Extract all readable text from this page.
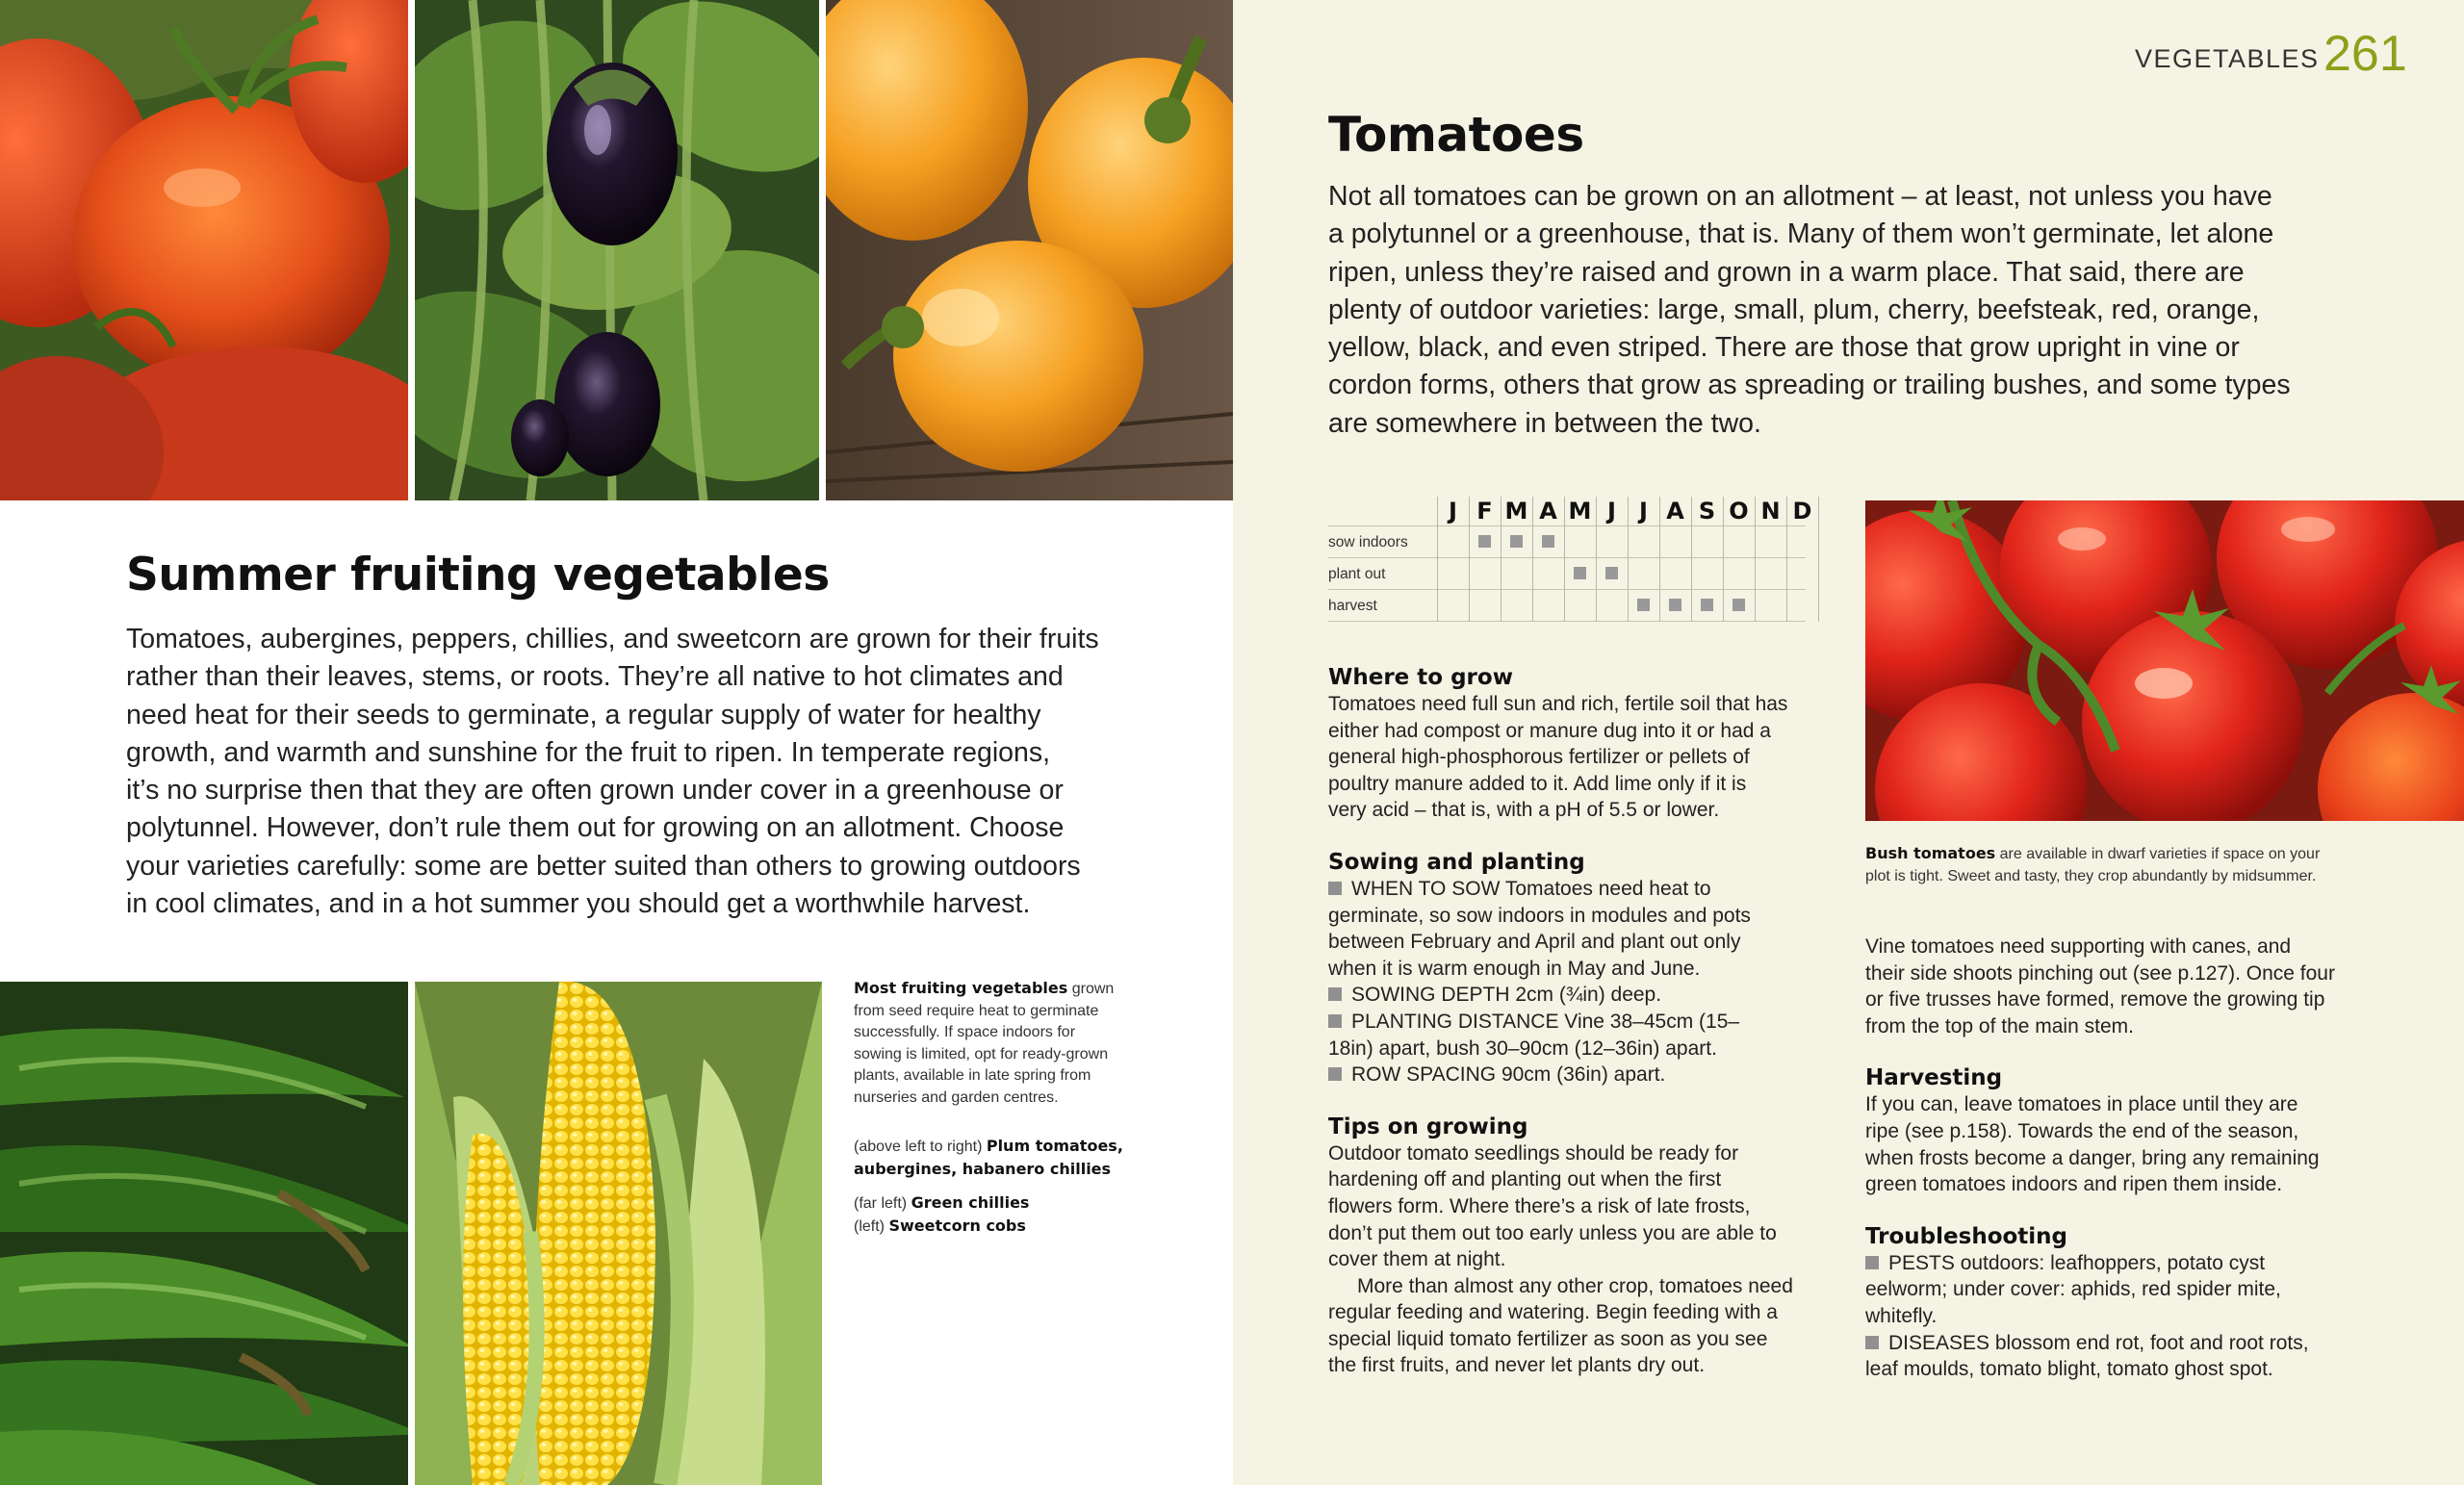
Summer fruiting vegetables
Tomatoes, aubergines, peppers, chillies, and sweetcorn are grown for their fruits
rather than their leaves, stems, or roots. They’re all native to hot climates and
need heat for their seeds to germinate, a regular supply of water for healthy
growth, and warmth and sunshine for the fruit to ripen. In temperate regions,
it’s no surprise then that they are often grown under cover in a greenhouse or
polytunnel. However, don’t rule them out for growing on an allotment. Choose
your varieties carefully: some are better suited than others to growing outdoors
in cool climates, and in a hot summer you should get a worthwhile harvest.

Most fruiting vegetables grown

from seed require heat to germinate

successfully. If space indoors for

sowing is limited, opt for ready-grown

plants, available in late spring from

nurseries and garden centres.

(above left to right) Plum tomatoes,

aubergines, habanero chillies

(far left) Green chillies

(left) Sweetcorn cobs

VEGETABLES 261
Tomatoes
Not all tomatoes can be grown on an allotment – at least, not unless you have
a polytunnel or a greenhouse, that is. Many of them won’t germinate, let alone
ripen, unless they’re raised and grown in a warm place. That said, there are
plenty of outdoor varieties: large, small, plum, cherry, beefsteak, red, orange,
yellow, black, and even striped. There are those that grow upright in vine or
cordon forms, others that grow as spreading or trailing bushes, and some types
are somewhere in between the two.
sow indoors
plant out
harvest
J F M A M J	J A S O N D
Where to grow

Tomatoes need full sun and rich, fertile soil that has

either had compost or manure dug into it or had a

general high-phosphorous fertilizer or pellets of

poultry manure added to it. Add lime only if it is

very acid – that is, with a pH of 5.5 or lower.

Sowing and planting

WHEN TO SOW Tomatoes need heat to

germinate, so sow indoors in modules and pots

between February and April and plant out only

when it is warm enough in May and June.

SOWING DEPTH 2cm (¾in) deep.

PLANTING DISTANCE Vine 38–45cm (15–

18in) apart, bush 30–90cm (12–36in) apart.

ROW SPACING 90cm (36in) apart.

Tips on growing

Outdoor tomato seedlings should be ready for

hardening off and planting out when the first

flowers form. Where there’s a risk of late frosts,

don’t put them out too early unless you are able to

cover them at night.

More than almost any other crop, tomatoes need

regular feeding and watering. Begin feeding with a

special liquid tomato fertilizer as soon as you see

the first fruits, and never let plants dry out.

Bush tomatoes are available in dwarf varieties if space on your

plot is tight. Sweet and tasty, they crop abundantly by midsummer.

Vine tomatoes need supporting with canes, and

their side shoots pinching out (see p.127). Once four

or five trusses have formed, remove the growing tip

from the top of the main stem.

Harvesting

If you can, leave tomatoes in place until they are

ripe (see p.158). Towards the end of the season,

when frosts become a danger, bring any remaining

green tomatoes indoors and ripen them inside.

Troubleshooting

PESTS outdoors: leafhoppers, potato cyst

eelworm; under cover: aphids, red spider mite,

whitefly.

DISEASES blossom end rot, foot and root rots,

leaf moulds, tomato blight, tomato ghost spot.
